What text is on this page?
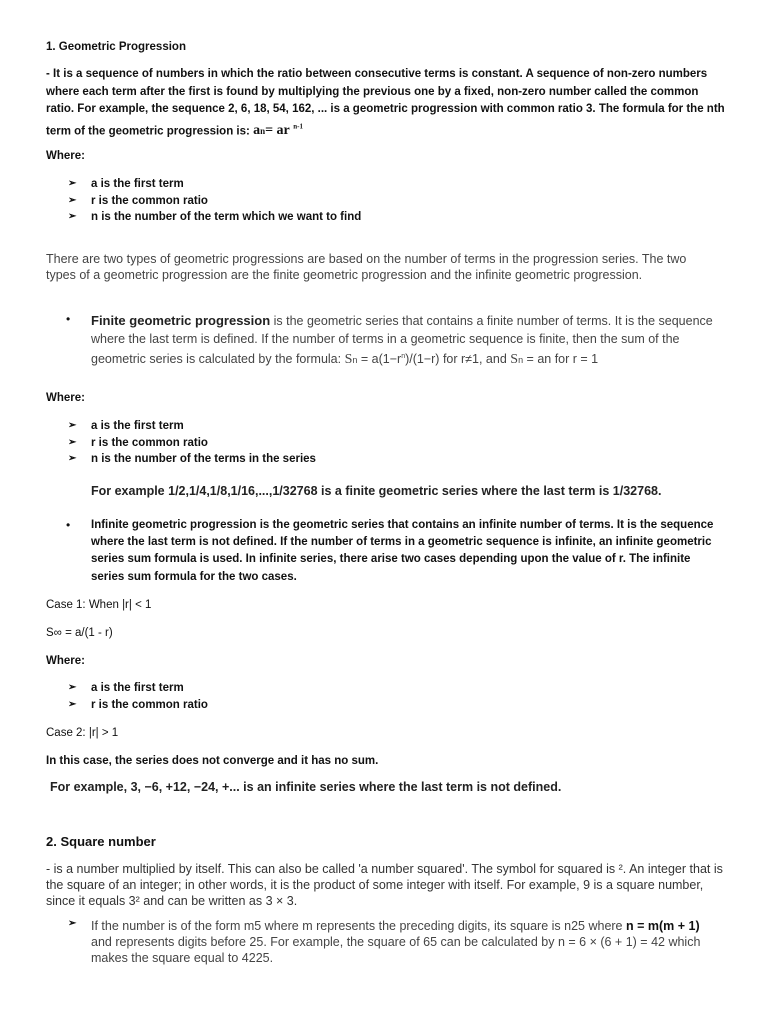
1. Geometric Progression

- It is a sequence of numbers in which the ratio between consecutive terms is constant. A sequence of non-zero numbers where each term after the first is found by multiplying the previous one by a fixed, non-zero number called the common ratio. For example, the sequence 2, 6, 18, 54, 162, ... is a geometric progression with common ratio 3. The formula for the nth term of the geometric progression is: an= ar $^{n-1}$

Where:

➢ a is the first term
➢ r is the common ratio
➢ n is the number of the term which we want to find

There are two types of geometric progressions are based on the number of terms in the progression series. The two types of a geometric progression are the finite geometric progression and the infinite geometric progression.

• Finite geometric progression is the geometric series that contains a finite number of terms. It is the sequence where the last term is defined. If the number of terms in a geometric sequence is finite, then the sum of the geometric series is calculated by the formula: $Sn = a(1-r^n)/(1-r)$ for r≠1, and Sn = an for r = 1

Where:

➢ a is the first term
➢ r is the common ratio
➢ n is the number of the terms in the series

For example 1/2,1/4,1/8,1/16,...,1/32768 is a finite geometric series where the last term is 1/32768.

• Infinite geometric progression is the geometric series that contains an infinite number of terms. It is the sequence where the last term is not defined. If the number of terms in a geometric sequence is infinite, an infinite geometric series sum formula is used. In infinite series, there arise two cases depending upon the value of r. The infinite series sum formula for the two cases.

Case 1: When |r| < 1

S∞ = a/(1 - r)

Where:

➢ a is the first term
➢ r is the common ratio

Case 2: |r| > 1

In this case, the series does not converge and it has no sum.

For example, 3, −6, +12, −24, +... is an infinite series where the last term is not defined.

2. Square number

- is a number multiplied by itself. This can also be called 'a number squared'. The symbol for squared is ². An integer that is the square of an integer; in other words, it is the product of some integer with itself. For example, 9 is a square number, since it equals 3² and can be written as 3 × 3.

➢ If the number is of the form m5 where m represents the preceding digits, its square is n25 where n = m(m + 1) and represents digits before 25. For example, the square of 65 can be calculated by n = 6 × (6 + 1) = 42 which makes the square equal to 4225.
